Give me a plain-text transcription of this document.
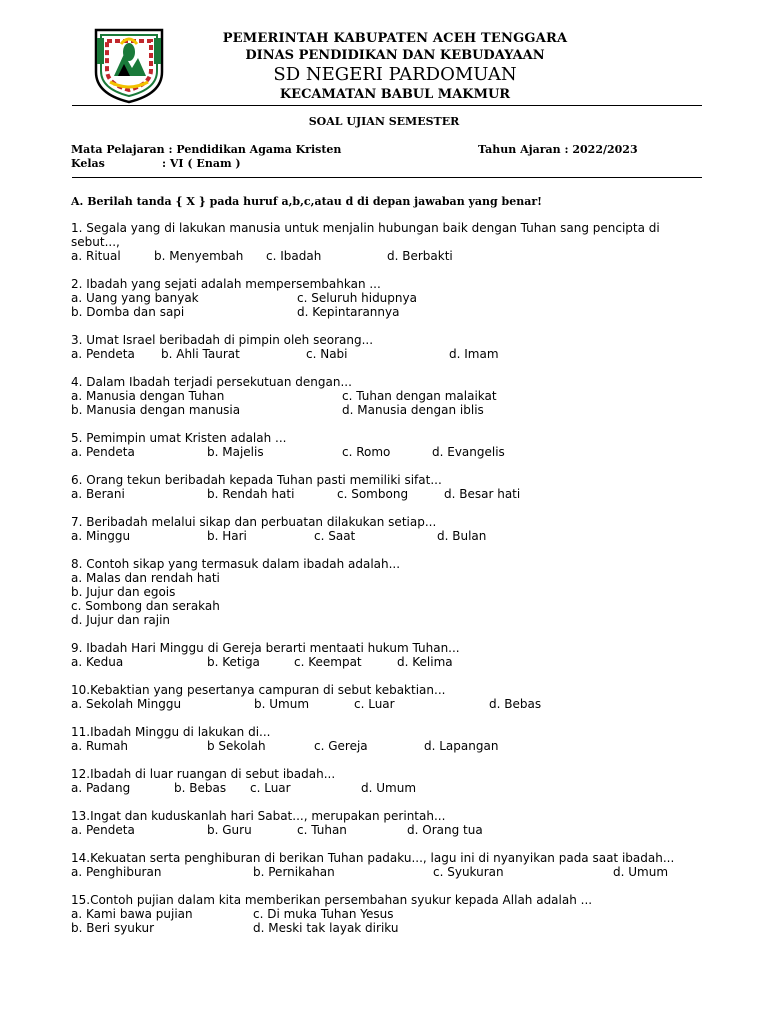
PEMERINTAH KABUPATEN ACEH TENGGARA
DINAS PENDIDIKAN DAN KEBUDAYAAN
SD NEGERI PARDOMUAN
KECAMATAN BABUL MAKMUR
SOAL UJIAN SEMESTER
Mata Pelajaran : Pendidikan Agama Kristen	Tahun Ajaran : 2022/2023
Kelas	: VI ( Enam )
A. Berilah tanda { X } pada huruf a,b,c,atau d di depan jawaban yang benar!
1. Segala yang di lakukan manusia untuk menjalin hubungan baik dengan Tuhan sang pencipta di sebut...,
a. Ritual	b. Menyembah c. Ibadah	d. Berbakti
2. Ibadah yang sejati adalah mempersembahkan ...
a. Uang yang banyak	c. Seluruh hidupnya
b. Domba dan sapi	d. Kepintarannya
3. Umat Israel beribadah di pimpin oleh seorang...
a. Pendeta b. Ahli Taurat	c. Nabi	d. Imam
4. Dalam Ibadah terjadi persekutuan dengan...
a. Manusia dengan Tuhan	c. Tuhan dengan malaikat
b. Manusia dengan manusia	d. Manusia dengan iblis
5. Pemimpin umat Kristen adalah ...
a. Pendeta	b. Majelis	c. Romo	d. Evangelis
6. Orang tekun beribadah kepada Tuhan pasti memiliki sifat...
a. Berani	b. Rendah hati	c. Sombong	d. Besar hati
7. Beribadah melalui sikap dan perbuatan dilakukan setiap...
a. Minggu	b. Hari	c. Saat	d. Bulan
8. Contoh sikap yang termasuk dalam ibadah adalah...
a. Malas dan rendah hati
b. Jujur dan egois
c. Sombong dan serakah
d. Jujur dan rajin
9. Ibadah Hari Minggu di Gereja berarti mentaati hukum Tuhan...
a. Kedua	b. Ketiga	c. Keempat	d. Kelima
10.Kebaktian yang pesertanya campuran di sebut kebaktian...
a. Sekolah Minggu	b. Umum	c. Luar	d. Bebas
11.Ibadah Minggu di lakukan di...
a. Rumah	b Sekolah	c. Gereja	d. Lapangan
12.Ibadah di luar ruangan di sebut ibadah...
a. Padang	b. Bebas c. Luar	d. Umum
13.Ingat dan kuduskanlah hari Sabat..., merupakan perintah...
a. Pendeta	b. Guru	c. Tuhan	d. Orang tua
14.Kekuatan serta penghiburan di berikan Tuhan padaku..., lagu ini di nyanyikan pada saat ibadah...
a. Penghiburan	b. Pernikahan	c. Syukuran	d. Umum
15.Contoh pujian dalam kita memberikan persembahan syukur kepada Allah adalah ...
a. Kami bawa pujian	c. Di muka Tuhan Yesus
b. Beri syukur	d. Meski tak layak diriku
